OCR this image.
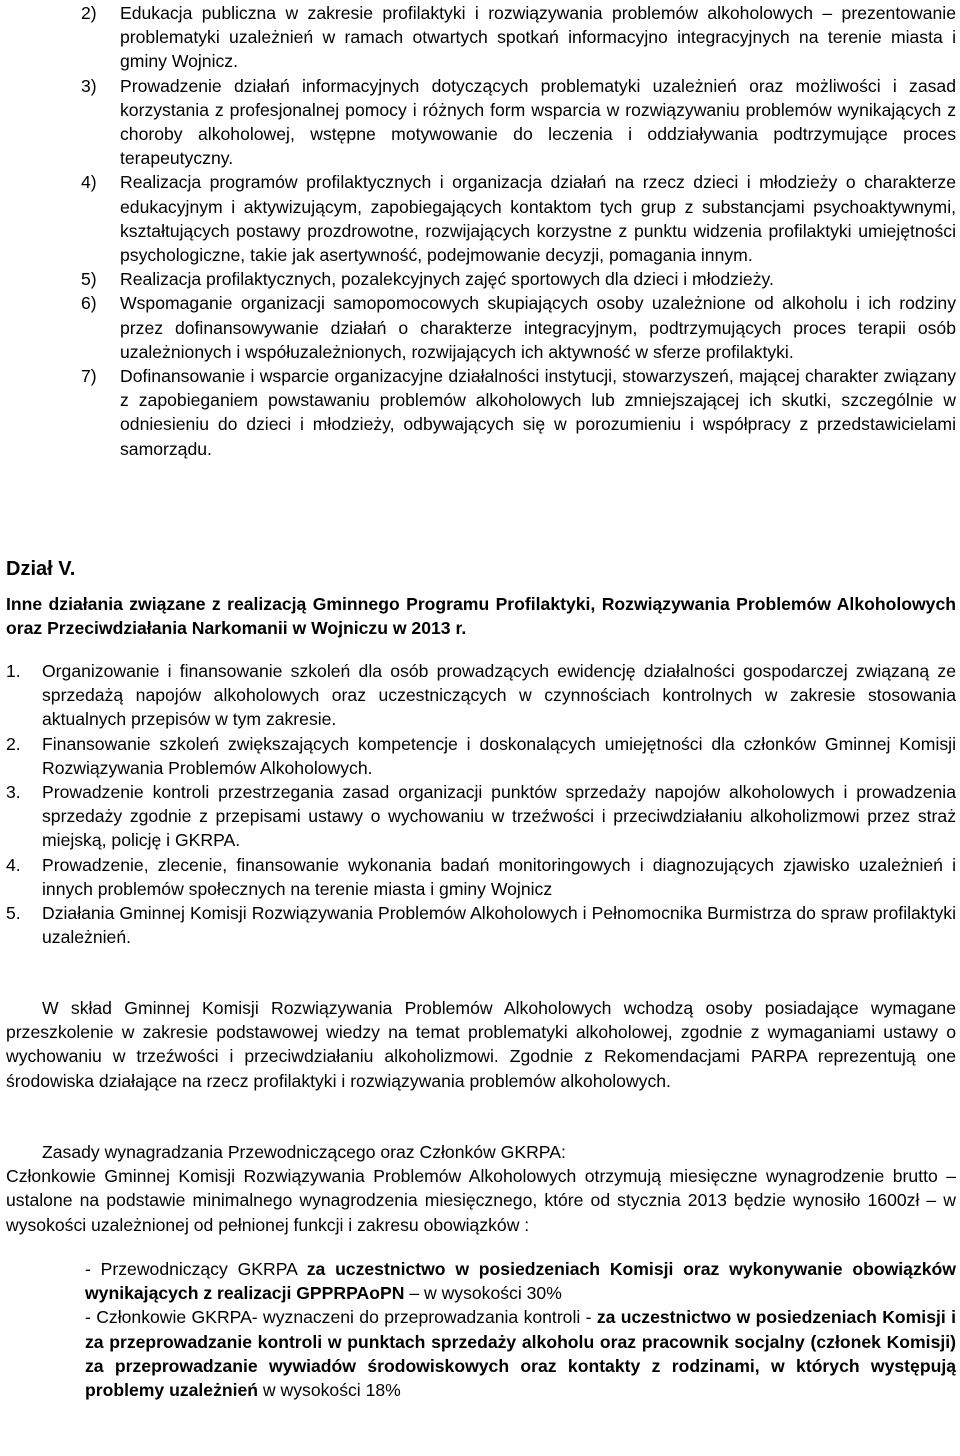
2) Edukacja publiczna w zakresie profilaktyki i rozwiązywania problemów alkoholowych – prezentowanie problematyki uzależnień w ramach otwartych spotkań informacyjno integracyjnych na terenie miasta i gminy Wojnicz.
3) Prowadzenie działań informacyjnych dotyczących problematyki uzależnień oraz możliwości i zasad korzystania z profesjonalnej pomocy i różnych form wsparcia w rozwiązywaniu problemów wynikających z choroby alkoholowej, wstępne motywowanie do leczenia i oddziaływania podtrzymujące proces terapeutyczny.
4) Realizacja programów profilaktycznych i organizacja działań na rzecz dzieci i młodzieży o charakterze edukacyjnym i aktywizującym, zapobiegających kontaktom tych grup z substancjami psychoaktywnymi, kształtujących postawy prozdrowotne, rozwijających korzystne z punktu widzenia profilaktyki umiejętności psychologiczne, takie jak asertywność, podejmowanie decyzji, pomagania innym.
5) Realizacja profilaktycznych, pozalekcyjnych zajęć sportowych dla dzieci i młodzieży.
6) Wspomaganie organizacji samopomocowych skupiających osoby uzależnione od alkoholu i ich rodziny przez dofinansowywanie działań o charakterze integracyjnym, podtrzymujących proces terapii osób uzależnionych i współuzależnionych, rozwijających ich aktywność w sferze profilaktyki.
7) Dofinansowanie i wsparcie organizacyjne działalności instytucji, stowarzyszeń, mającej charakter związany z zapobieganiem powstawaniu problemów alkoholowych lub zmniejszającej ich skutki, szczególnie w odniesieniu do dzieci i młodzieży, odbywających się w porozumieniu i współpracy z przedstawicielami samorządu.
Dział V.

Inne działania związane z realizacją Gminnego Programu Profilaktyki, Rozwiązywania Problemów Alkoholowych oraz Przeciwdziałania Narkomanii w Wojniczu w 2013 r.

1. Organizowanie i finansowanie szkoleń dla osób prowadzących ewidencję działalności gospodarczej związaną ze sprzedażą napojów alkoholowych oraz uczestniczących w czynnościach kontrolnych w zakresie stosowania aktualnych przepisów w tym zakresie.
2. Finansowanie szkoleń zwiększających kompetencje i doskonalących umiejętności dla członków Gminnej Komisji Rozwiązywania Problemów Alkoholowych.
3. Prowadzenie kontroli przestrzegania zasad organizacji punktów sprzedaży napojów alkoholowych i prowadzenia sprzedaży zgodnie z przepisami ustawy o wychowaniu w trzeźwości i przeciwdziałaniu alkoholizmowi przez straż miejską, policję i GKRPA.
4. Prowadzenie, zlecenie, finansowanie wykonania badań monitoringowych i diagnozujących zjawisko uzależnień i innych problemów społecznych na terenie miasta i gminy Wojnicz
5. Działania Gminnej Komisji Rozwiązywania Problemów Alkoholowych i Pełnomocnika Burmistrza do spraw profilaktyki uzależnień.

W skład Gminnej Komisji Rozwiązywania Problemów Alkoholowych wchodzą osoby posiadające wymagane przeszkolenie w zakresie podstawowej wiedzy na temat problematyki alkoholowej, zgodnie z wymaganiami ustawy o wychowaniu w trzeźwości i przeciwdziałaniu alkoholizmowi. Zgodnie z Rekomendacjami PARPA reprezentują one środowiska działające na rzecz profilaktyki i rozwiązywania problemów alkoholowych.

Zasady wynagradzania Przewodniczącego oraz Członków GKRPA:

Członkowie Gminnej Komisji Rozwiązywania Problemów Alkoholowych otrzymują miesięczne wynagrodzenie brutto – ustalone na podstawie minimalnego wynagrodzenia miesięcznego, które od stycznia 2013 będzie wynosiło 1600zł – w wysokości uzależnionej od pełnionej funkcji i zakresu obowiązków :

- Przewodniczący GKRPA za uczestnictwo w posiedzeniach Komisji oraz wykonywanie obowiązków wynikających z realizacji GPPRPAoPN – w wysokości 30%
- Członkowie GKRPA- wyznaczeni do przeprowadzania kontroli - za uczestnictwo w posiedzeniach Komisji i za przeprowadzanie kontroli w punktach sprzedaży alkoholu oraz pracownik socjalny (członek Komisji) za przeprowadzanie wywiadów środowiskowych oraz kontakty z rodzinami, w których występują problemy uzależnień w wysokości 18%
